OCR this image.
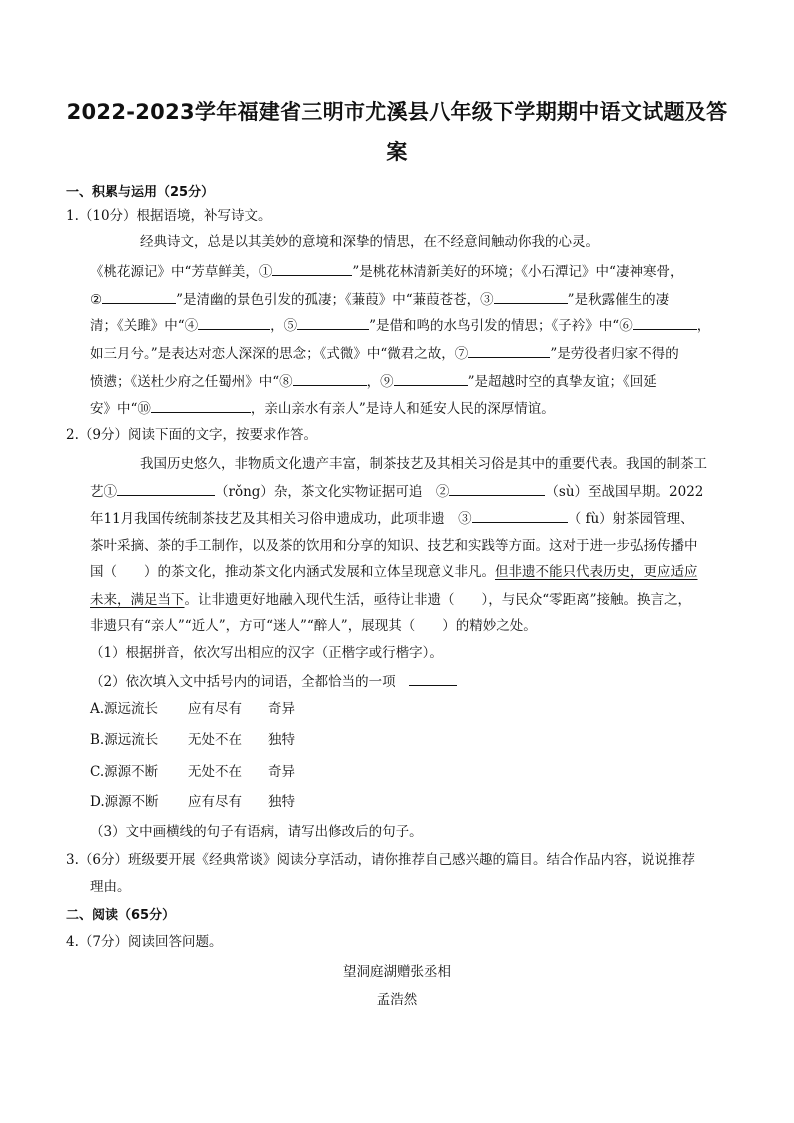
2022-2023学年福建省三明市尤溪县八年级下学期期中语文试题及答
案
一、积累与运用（25分）
1.（10分）根据语境，补写诗文。
经典诗文，总是以其美妙的意境和深挚的情思，在不经意间触动你我的心灵。
《桃花源记》中“芳草鲜美，①	”是桃花林清新美好的环境；《小石潭记》中“凄神寒骨，
②	”是清幽的景色引发的孤凄；《蒹葭》中“蒹葭苍苍，③	”是秋露催生的凄
清；《关雎》中“④	，⑤	”是借和鸣的水鸟引发的情思；《子衿》中“⑥	，
如三月兮。”是表达对恋人深深的思念；《式微》中“微君之故，⑦	”是劳役者归家不得的
愤懑；《送杜少府之任蜀州》中“⑧	，⑨	”是超越时空的真挚友谊；《回延
安》中“⑩	，亲山亲水有亲人”是诗人和延安人民的深厚情谊。
2.（9分）阅读下面的文字，按要求作答。
我国历史悠久，非物质文化遗产丰富，制茶技艺及其相关习俗是其中的重要代表。我国的制茶工
艺①	（rǒng）杂，茶文化实物证据可追　②	（sù）至战国早期。2022
年11月我国传统制茶技艺及其相关习俗申遗成功，此项非遗　③	（ fù）射茶园管理、
茶叶采摘、茶的手工制作，以及茶的饮用和分享的知识、技艺和实践等方面。这对于进一步弘扬传播中
国（　　）的茶文化，推动茶文化内涵式发展和立体呈现意义非凡。但非遗不能只代表历史，更应适应
未来，满足当下。让非遗更好地融入现代生活，亟待让非遗（　　），与民众“零距离”接触。换言之，
非遗只有“亲人”“近人”，方可“迷人”“醉人”，展现其（　　）的精妙之处。
（1）根据拼音，依次写出相应的汉字（正楷字或行楷字）。
（2）依次填入文中括号内的词语，全都恰当的一项　
A.源远流长 应有尽有 奇异
B.源远流长 无处不在 独特
C.源源不断 无处不在 奇异
D.源源不断 应有尽有 独特
（3）文中画横线的句子有语病，请写出修改后的句子。
3.（6分）班级要开展《经典常谈》阅读分享活动，请你推荐自己感兴趣的篇目。结合作品内容，说说推荐
理由。
二、阅读（65分）
4.（7分）阅读回答问题。
望洞庭湖赠张丞相
孟浩然
